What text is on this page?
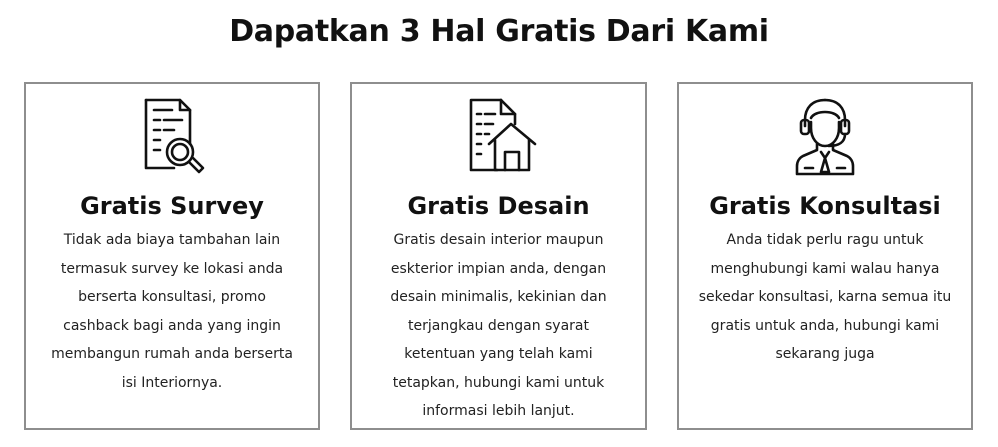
Dapatkan 3 Hal Gratis Dari Kami
Gratis Survey

Tidak ada biaya tambahan lain
termasuk survey ke lokasi anda
berserta konsultasi, promo
cashback bagi anda yang ingin
membangun rumah anda berserta
isi Interiornya.

Gratis Desain

Gratis desain interior maupun
eskterior impian anda, dengan
desain minimalis, kekinian dan
terjangkau dengan syarat
ketentuan yang telah kami
tetapkan, hubungi kami untuk
informasi lebih lanjut.

Gratis Konsultasi

Anda tidak perlu ragu untuk
menghubungi kami walau hanya
sekedar konsultasi, karna semua itu
gratis untuk anda, hubungi kami
sekarang juga
